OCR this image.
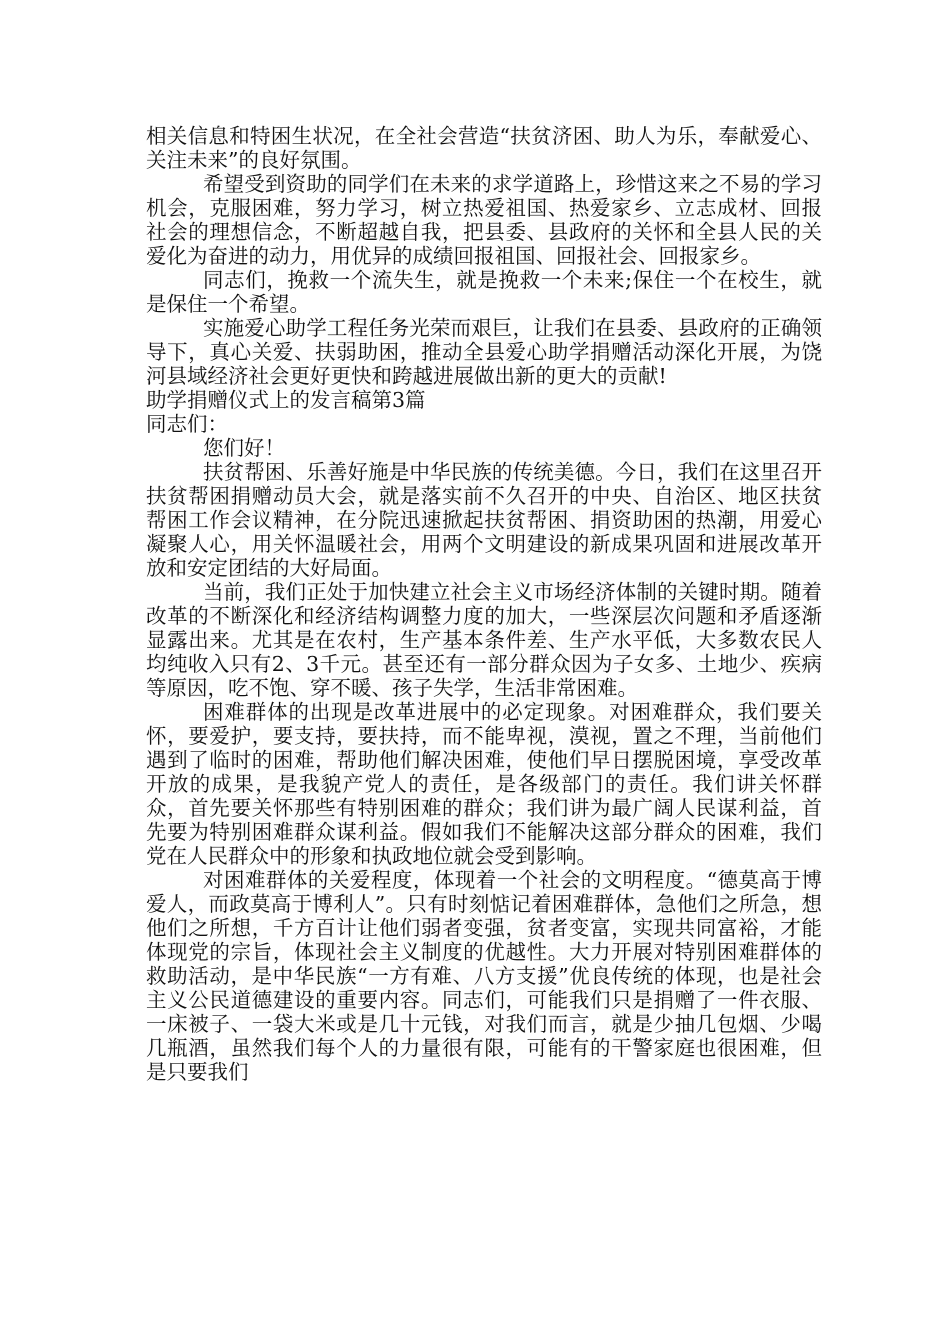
相关信息和特困生状况，在全社会营造“扶贫济困、助人为乐，奉献爱心、关注未来”的良好氛围。

希望受到资助的同学们在未来的求学道路上，珍惜这来之不易的学习机会，克服困难，努力学习，树立热爱祖国、热爱家乡、立志成材、回报社会的理想信念，不断超越自我，把县委、县政府的关怀和全县人民的关爱化为奋进的动力，用优异的成绩回报祖国、回报社会、回报家乡。

同志们，挽救一个流失生，就是挽救一个未来;保住一个在校生，就是保住一个希望。

实施爱心助学工程任务光荣而艰巨，让我们在县委、县政府的正确领导下，真心关爱、扶弱助困，推动全县爱心助学捐赠活动深化开展，为饶河县域经济社会更好更快和跨越进展做出新的更大的贡献!

助学捐赠仪式上的发言稿第3篇

同志们：

您们好！

扶贫帮困、乐善好施是中华民族的传统美德。今日，我们在这里召开扶贫帮困捐赠动员大会，就是落实前不久召开的中央、自治区、地区扶贫帮困工作会议精神，在分院迅速掀起扶贫帮困、捐资助困的热潮，用爱心凝聚人心，用关怀温暖社会，用两个文明建设的新成果巩固和进展改革开放和安定团结的大好局面。

当前，我们正处于加快建立社会主义市场经济体制的关键时期。随着改革的不断深化和经济结构调整力度的加大，一些深层次问题和矛盾逐渐显露出来。尤其是在农村，生产基本条件差、生产水平低，大多数农民人均纯收入只有2、3千元。甚至还有一部分群众因为子女多、土地少、疾病等原因，吃不饱、穿不暖、孩子失学，生活非常困难。

困难群体的出现是改革进展中的必定现象。对困难群众，我们要关怀，要爱护，要支持，要扶持，而不能卑视，漠视，置之不理，当前他们遇到了临时的困难，帮助他们解决困难，使他们早日摆脱困境，享受改革开放的成果，是我貌产党人的责任，是各级部门的责任。我们讲关怀群众，首先要关怀那些有特别困难的群众；我们讲为最广阔人民谋利益，首先要为特别困难群众谋利益。假如我们不能解决这部分群众的困难，我们党在人民群众中的形象和执政地位就会受到影响。

对困难群体的关爱程度，体现着一个社会的文明程度。“德莫高于博爱人，而政莫高于博利人”。只有时刻惦记着困难群体，急他们之所急，想他们之所想，千方百计让他们弱者变强，贫者变富，实现共同富裕，才能体现党的宗旨，体现社会主义制度的优越性。大力开展对特别困难群体的救助活动，是中华民族“一方有难、八方支援”优良传统的体现，也是社会主义公民道德建设的重要内容。同志们，可能我们只是捐赠了一件衣服、一床被子、一袋大米或是几十元钱，对我们而言，就是少抽几包烟、少喝几瓶酒，虽然我们每个人的力量很有限，可能有的干警家庭也很困难，但是只要我们
